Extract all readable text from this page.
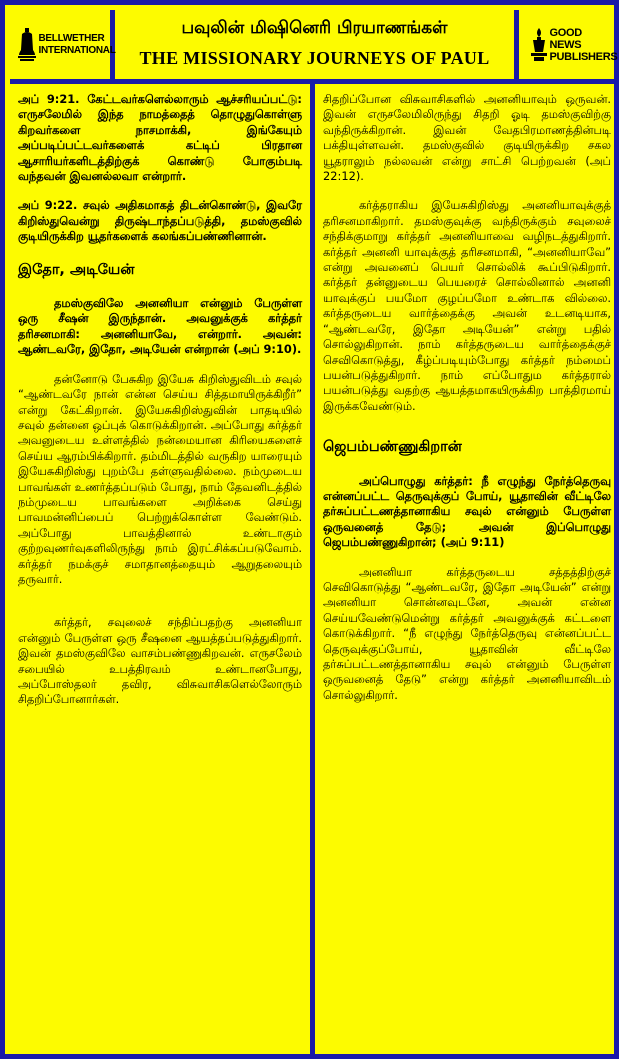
BELLWETHER INTERNATIONAL
பவுலின் மிஷினெரி பிரயாணங்கள்
THE MISSIONARY JOURNEYS OF PAUL
GOOD NEWS PUBLISHERS

அப் 9:21. கேட்டவர்களெல்லாரும் ஆச்சரியப்பட்டு: எருசலேமில் இந்த நாமத்தைத் தொழுதுகொள்ளு கிறவர்களை நாசமாக்கி, இங்கேயும் அப்படிப்பட்டவர்களைக் கட்டிப் பிரதான ஆசாரியர்களிடத்திற்குக் கொண்டு போகும்படி வந்தவன் இவனல்லவா என்றார்.

அப் 9:22. சவுல் அதிகமாகத் திடன்கொண்டு, இவரே கிறிஸ்துவென்று திருஷ்டாந்தப்படுத்தி, தமஸ்குவில் குடியிருக்கிற யூதர்களைக் கலங்கப்பண்ணினான்.

இதோ, அடியேன்

தமஸ்குவிலே அனனியா என்னும் பேருள்ள ஒரு சீஷன் இருந்தான். அவனுக்குக் கர்த்தர் தரிசனமாகி: அனனியாவே, என்றார். அவன்: ஆண்டவரே, இதோ, அடியேன் என்றான் (அப் 9:10).

தன்னோடு பேசுகிற இயேசு கிறிஸ்துவிடம் சவுல் “ஆண்டவரே நான் என்ன செய்ய சித்தமாயிருக்கிறீர்” என்று கேட்கிறான். இயேசுகிறிஸ்துவின் பாதடியில் சவுல் தன்னை ஒப்புக் கொடுக்கிறான். அப்போது கர்த்தர் அவனுடைய உள்ளத்தில் நன்மையான கிரியைகளைச் செய்ய ஆரம்பிக்கிறார். தம்மிடத்தில் வருகிற யாரையும் இயேசுகிறிஸ்து புறம்பே தள்ளுவதில்லை. நம்முடைய பாவங்கள் உணர்த்தப்படும் போது, நாம் தேவனிடத்தில் நம்முடைய பாவங்களை அறிக்கை செய்து பாவமன்னிப்பைப் பெற்றுக்கொள்ள வேண்டும். அப்போது பாவத்தினால் உண்டாகும் குற்றவுணர்வுகளிலிருந்து நாம் இரட்சிக்கப்படுவோம். கர்த்தர் நமக்குச் சமாதானத்தையும் ஆறுதலையும் தருவார்.

கர்த்தர், சவுலைச் சந்திப்பதற்கு அனனியா என்னும் பேருள்ள ஒரு சீஷனை ஆயத்தப்படுத்துகிறார். இவன் தமஸ்குவிலே வாசம்பண்ணுகிறவன். எருசலேம் சபையில் உபத்திரவம் உண்டானபோது, அப்போஸ்தலர் தவிர, விசுவாசிகளெல்லோரும் சிதறிப்போனார்கள்.

சிதறிப்போன விசுவாசிகளில் அனனியாவும் ஒருவன். இவன் எருசலேமிலிருந்து சிதறி ஓடி தமஸ்குவிற்கு வந்திருக்கிறான். இவன் வேதபிரமாணத்தின்படி பக்தியுள்ளவன். தமஸ்குவில் குடியிருக்கிற சகல யூதராலும் நல்லவன் என்று சாட்சி பெற்றவன் (அப் 22:12).

கர்த்தராகிய இயேசுகிறிஸ்து அனனியாவுக்குத் தரிசனமாகிறார். தமஸ்குவுக்கு வந்திருக்கும் சவுலைச் சந்திக்குமாறு கர்த்தர் அனனியாவை வழிநடத்துகிறார். கர்த்தர் அனனி யாவுக்குத் தரிசனமாகி, “அனனியாவே” என்று அவனைப் பெயர் சொல்லிக் கூப்பிடுகிறார். கர்த்தர் தன்னுடைய பெயரைச் சொல்லினால் அனனி யாவுக்குப் பயமோ குழப்பமோ உண்டாக வில்லை. கர்த்தருடைய வார்த்தைக்கு அவன் உடனடியாக, “ஆண்டவரே, இதோ அடியேன்” என்று பதில் சொல்லுகிறான். நாம் கர்த்தருடைய வார்த்தைக்குச் செவிகொடுத்து, கீழ்ப்படியும்போது கர்த்தர் நம்மைப் பயன்படுத்துகிறார். நாம் எப்போதும கர்த்தரால் பயன்படுத்து வதற்கு ஆயத்தமாகயிருக்கிற பாத்திரமாய் இருக்கவேண்டும்.

ஜெபம்பண்ணுகிறான்

அப்பொழுது கர்த்தர்: நீ எழுந்து நேர்த்தெருவு என்னப்பட்ட தெருவுக்குப் போய், யூதாவின் வீட்டிலே தர்சுப்பட்டணத்தானாகிய சவுல் என்னும் பேருள்ள ஒருவனைத் தேடு; அவன் இப்பொழுது ஜெபம்பண்ணுகிறான்; (அப் 9:11)

அனனியா கர்த்தருடைய சத்தத்திற்குச் செவிகொடுத்து “ஆண்டவரே, இதோ அடியேன்” என்று அனனியா சொன்னவுடனே, அவன் என்ன செய்யவேண்டுமென்று கர்த்தர் அவனுக்குக் கட்டளை கொடுக்கிறார். “நீ எழுந்து நேர்த்தெருவு என்னப்பட்ட தெருவுக்குப்போய், யூதாவின் வீட்டிலே தர்சுப்பட்டணத்தானாகிய சவுல் என்னும் பேருள்ள ஒருவனைத் தேடு” என்று கர்த்தர் அனனியாவிடம் சொல்லுகிறார்.
